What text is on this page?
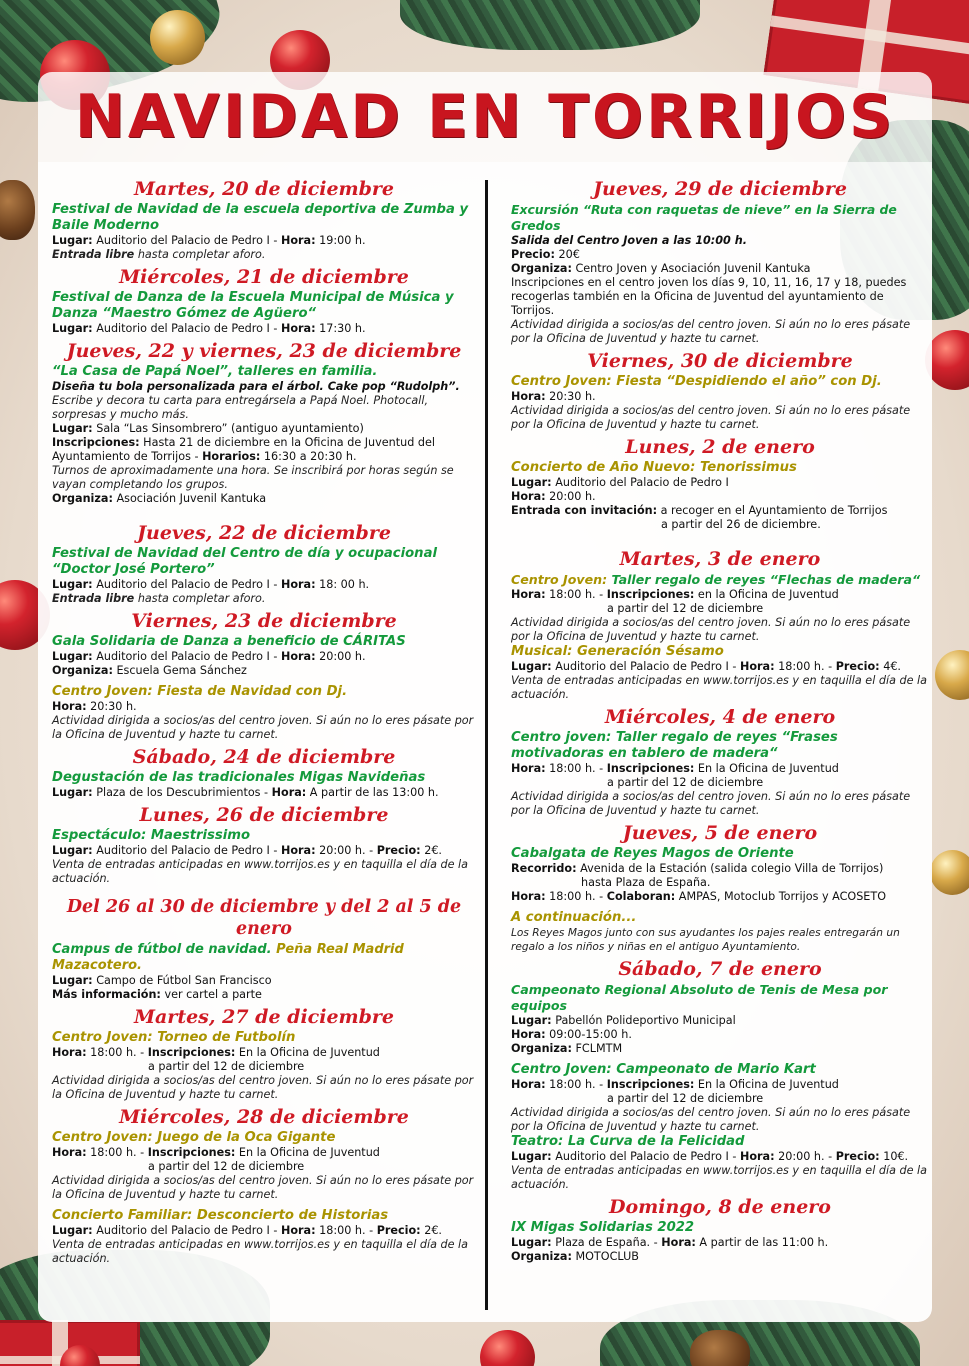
NAVIDAD EN TORRIJOS
Martes, 20 de diciembre
Festival de Navidad de la escuela deportiva de Zumba y Baile Moderno
Lugar: Auditorio del Palacio de Pedro I - Hora: 19:00 h.
Entrada libre hasta completar aforo.
Miércoles, 21 de diciembre
Festival de Danza de la Escuela Municipal de Música y Danza “Maestro Gómez de Agüero“
Lugar: Auditorio del Palacio de Pedro I - Hora: 17:30 h.
Jueves, 22 y viernes, 23 de diciembre
“La Casa de Papá Noel”, talleres en familia.
Diseña tu bola personalizada para el árbol. Cake pop “Rudolph”.
Escribe y decora tu carta para entregársela a Papá Noel. Photocall, sorpresas y mucho más.
Lugar: Sala “Las Sinsombrero” (antiguo ayuntamiento)
Inscripciones: Hasta 21 de diciembre en la Oficina de Juventud del Ayuntamiento de Torrijos - Horarios: 16:30 a 20:30 h.
Turnos de aproximadamente una hora. Se inscribirá por horas según se vayan completando los grupos.
Organiza: Asociación Juvenil Kantuka
Jueves, 22 de diciembre
Festival de Navidad del Centro de día y ocupacional “Doctor José Portero”
Lugar: Auditorio del Palacio de Pedro I - Hora: 18: 00 h.
Entrada libre hasta completar aforo.
Viernes, 23 de diciembre
Gala Solidaria de Danza a beneficio de CÁRITAS
Lugar: Auditorio del Palacio de Pedro I - Hora: 20:00 h.
Organiza: Escuela Gema Sánchez
Centro Joven: Fiesta de Navidad con Dj.
Hora: 20:30 h.
Actividad dirigida a socios/as del centro joven. Si aún no lo eres pásate por la Oficina de Juventud y hazte tu carnet.
Sábado, 24 de diciembre
Degustación de las tradicionales Migas Navideñas
Lugar: Plaza de los Descubrimientos - Hora: A partir de las 13:00 h.
Lunes, 26 de diciembre
Espectáculo: Maestrissimo
Lugar: Auditorio del Palacio de Pedro I - Hora: 20:00 h. - Precio: 2€.
Venta de entradas anticipadas en www.torrijos.es y en taquilla el día de la actuación.
Del 26 al 30 de diciembre y del 2 al 5 de enero
Campus de fútbol de navidad. Peña Real Madrid Mazacotero.
Lugar: Campo de Fútbol San Francisco
Más información: ver cartel a parte
Martes, 27 de diciembre
Centro Joven: Torneo de Futbolín
Hora: 18:00 h. - Inscripciones: En la Oficina de Juventud
a partir del 12 de diciembre
Actividad dirigida a socios/as del centro joven. Si aún no lo eres pásate por la Oficina de Juventud y hazte tu carnet.
Miércoles, 28 de diciembre
Centro Joven: Juego de la Oca Gigante
Hora: 18:00 h. - Inscripciones: En la Oficina de Juventud
a partir del 12 de diciembre
Actividad dirigida a socios/as del centro joven. Si aún no lo eres pásate por la Oficina de Juventud y hazte tu carnet.
Concierto Familiar: Desconcierto de Historias
Lugar: Auditorio del Palacio de Pedro I - Hora: 18:00 h. - Precio: 2€.
Venta de entradas anticipadas en www.torrijos.es y en taquilla el día de la actuación.
Jueves, 29 de diciembre
Excursión “Ruta con raquetas de nieve” en la Sierra de Gredos
Salida del Centro Joven a las 10:00 h.
Precio: 20€
Organiza: Centro Joven y Asociación Juvenil Kantuka
Inscripciones en el centro joven los días 9, 10, 11, 16, 17 y 18, puedes recogerlas también en la Oficina de Juventud del ayuntamiento de Torrijos.
Actividad dirigida a socios/as del centro joven. Si aún no lo eres pásate por la Oficina de Juventud y hazte tu carnet.
Viernes, 30 de diciembre
Centro Joven: Fiesta “Despidiendo el año” con Dj.
Hora: 20:30 h.
Actividad dirigida a socios/as del centro joven. Si aún no lo eres pásate por la Oficina de Juventud y hazte tu carnet.
Lunes, 2 de enero
Concierto de Año Nuevo: Tenorissimus
Lugar: Auditorio del Palacio de Pedro I
Hora: 20:00 h.
Entrada con invitación: a recoger en el Ayuntamiento de Torrijos
a partir del 26 de diciembre.
Martes, 3 de enero
Centro Joven: Taller regalo de reyes “Flechas de madera“
Hora: 18:00 h. - Inscripciones: en la Oficina de Juventud
a partir del 12 de diciembre
Actividad dirigida a socios/as del centro joven. Si aún no lo eres pásate por la Oficina de Juventud y hazte tu carnet.
Musical: Generación Sésamo
Lugar: Auditorio del Palacio de Pedro I - Hora: 18:00 h. - Precio: 4€.
Venta de entradas anticipadas en www.torrijos.es y en taquilla el día de la actuación.
Miércoles, 4 de enero
Centro joven: Taller regalo de reyes “Frases motivadoras en tablero de madera“
Hora: 18:00 h. - Inscripciones: En la Oficina de Juventud
a partir del 12 de diciembre
Actividad dirigida a socios/as del centro joven. Si aún no lo eres pásate por la Oficina de Juventud y hazte tu carnet.
Jueves, 5 de enero
Cabalgata de Reyes Magos de Oriente
Recorrido: Avenida de la Estación (salida colegio Villa de Torrijos)
hasta Plaza de España.
Hora: 18:00 h. - Colaboran: AMPAS, Motoclub Torrijos y ACOSETO
A continuación...
Los Reyes Magos junto con sus ayudantes los pajes reales entregarán un regalo a los niños y niñas en el antiguo Ayuntamiento.
Sábado, 7 de enero
Campeonato Regional Absoluto de Tenis de Mesa por equipos
Lugar: Pabellón Polideportivo Municipal
Hora: 09:00-15:00 h.
Organiza: FCLMTM
Centro Joven: Campeonato de Mario Kart
Hora: 18:00 h. - Inscripciones: En la Oficina de Juventud
a partir del 12 de diciembre
Actividad dirigida a socios/as del centro joven. Si aún no lo eres pásate por la Oficina de Juventud y hazte tu carnet.
Teatro: La Curva de la Felicidad
Lugar: Auditorio del Palacio de Pedro I - Hora: 20:00 h. - Precio: 10€.
Venta de entradas anticipadas en www.torrijos.es y en taquilla el día de la actuación.
Domingo, 8 de enero
IX Migas Solidarias 2022
Lugar: Plaza de España. - Hora: A partir de las 11:00 h.
Organiza: MOTOCLUB
